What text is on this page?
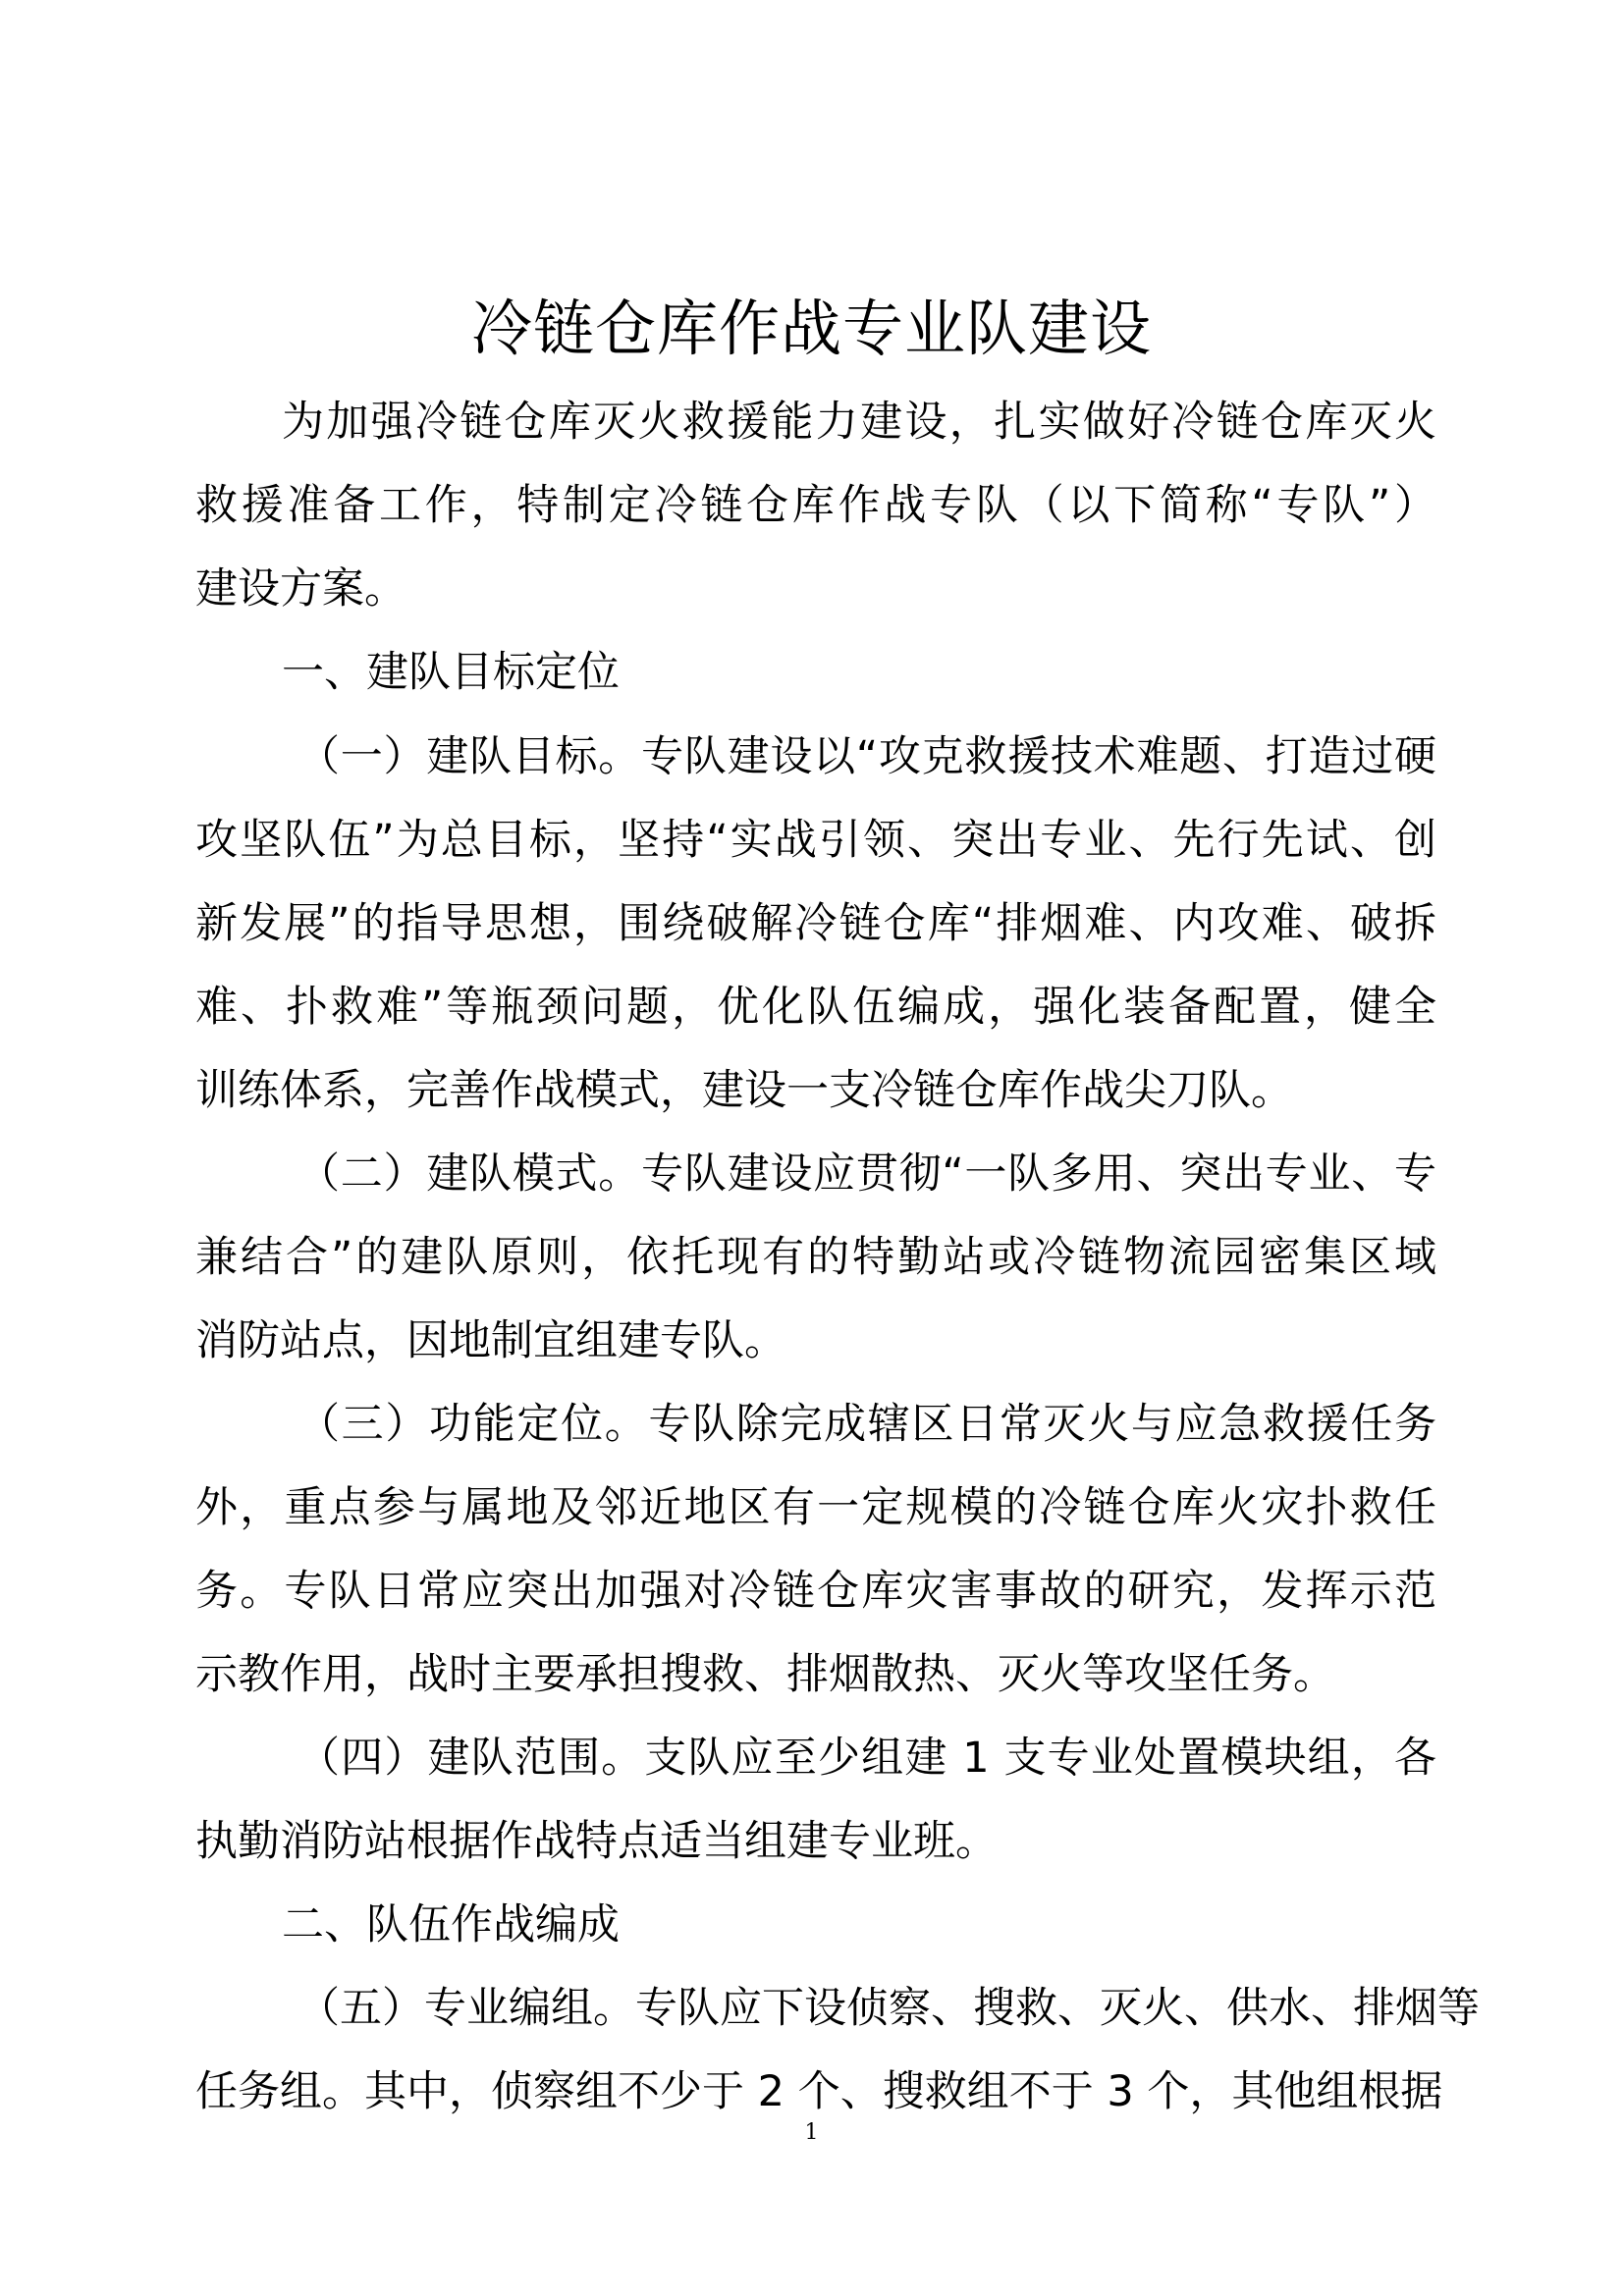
冷链仓库作战专业队建设
为加强冷链仓库灭火救援能力建设，扎实做好冷链仓库灭火
救援准备工作，特制定冷链仓库作战专队（以下简称“专队”）
建设方案。
一、建队目标定位
（一）建队目标。专队建设以“攻克救援技术难题、打造过硬
攻坚队伍”为总目标，坚持“实战引领、突出专业、先行先试、创
新发展”的指导思想，围绕破解冷链仓库“排烟难、内攻难、破拆
难、扑救难”等瓶颈问题，优化队伍编成，强化装备配置，健全
训练体系，完善作战模式，建设一支冷链仓库作战尖刀队。
（二）建队模式。专队建设应贯彻“一队多用、突出专业、专
兼结合”的建队原则，依托现有的特勤站或冷链物流园密集区域
消防站点，因地制宜组建专队。
（三）功能定位。专队除完成辖区日常灭火与应急救援任务
外，重点参与属地及邻近地区有一定规模的冷链仓库火灾扑救任
务。专队日常应突出加强对冷链仓库灾害事故的研究，发挥示范
示教作用，战时主要承担搜救、排烟散热、灭火等攻坚任务。
（四）建队范围。支队应至少组建 1 支专业处置模块组，各
执勤消防站根据作战特点适当组建专业班。
二、队伍作战编成
（五）专业编组。专队应下设侦察、搜救、灭火、供水、排烟等
任务组。其中，侦察组不少于 2 个、搜救组不于 3 个，其他组根据
1
